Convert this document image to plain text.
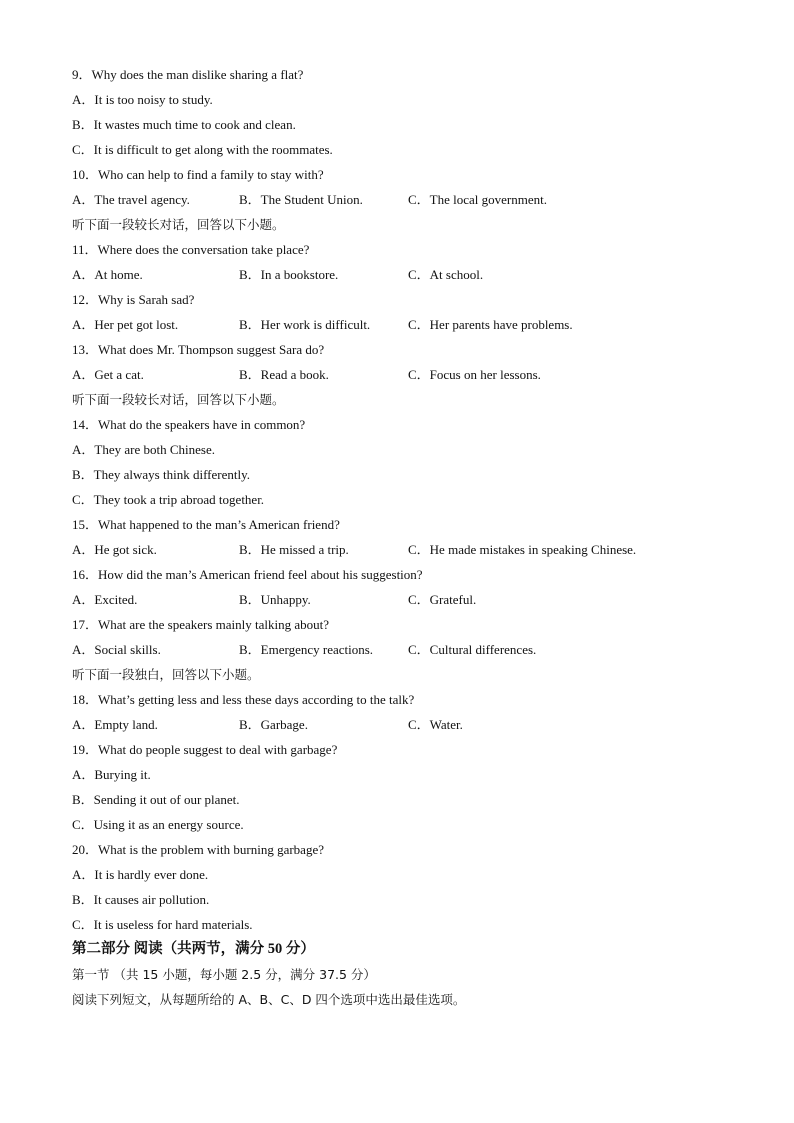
9．Why does the man dislike sharing a flat?
A．It is too noisy to study.
B．It wastes much time to cook and clean.
C．It is difficult to get along with the roommates.
10．Who can help to find a family to stay with?
A．The travel agency.	B．The Student Union.	C．The local government.
听下面一段较长对话，回答以下小题。
11．Where does the conversation take place?
A．At home.	B．In a bookstore.	C．At school.
12．Why is Sarah sad?
A．Her pet got lost.	B．Her work is difficult.	C．Her parents have problems.
13．What does Mr. Thompson suggest Sara do?
A．Get a cat.	B．Read a book.	C．Focus on her lessons.
听下面一段较长对话，回答以下小题。
14．What do the speakers have in common?
A．They are both Chinese.
B．They always think differently.
C．They took a trip abroad together.
15．What happened to the man’s American friend?
A．He got sick.	B．He missed a trip.	C．He made mistakes in speaking Chinese.
16．How did the man’s American friend feel about his suggestion?
A．Excited.	B．Unhappy.	C．Grateful.
17．What are the speakers mainly talking about?
A．Social skills.	B．Emergency reactions.	C．Cultural differences.
听下面一段独白，回答以下小题。
18．What’s getting less and less these days according to the talk?
A．Empty land.	B．Garbage.	C．Water.
19．What do people suggest to deal with garbage?
A．Burying it.
B．Sending it out of our planet.
C．Using it as an energy source.
20．What is the problem with burning garbage?
A．It is hardly ever done.
B．It causes air pollution.
C．It is useless for hard materials.
第二部分 阅读（共两节，满分 50 分）
第一节 （共 15 小题，每小题 2.5 分，满分 37.5 分）
阅读下列短文，从每题所给的 A、B、C、D 四个选项中选出最佳选项。
